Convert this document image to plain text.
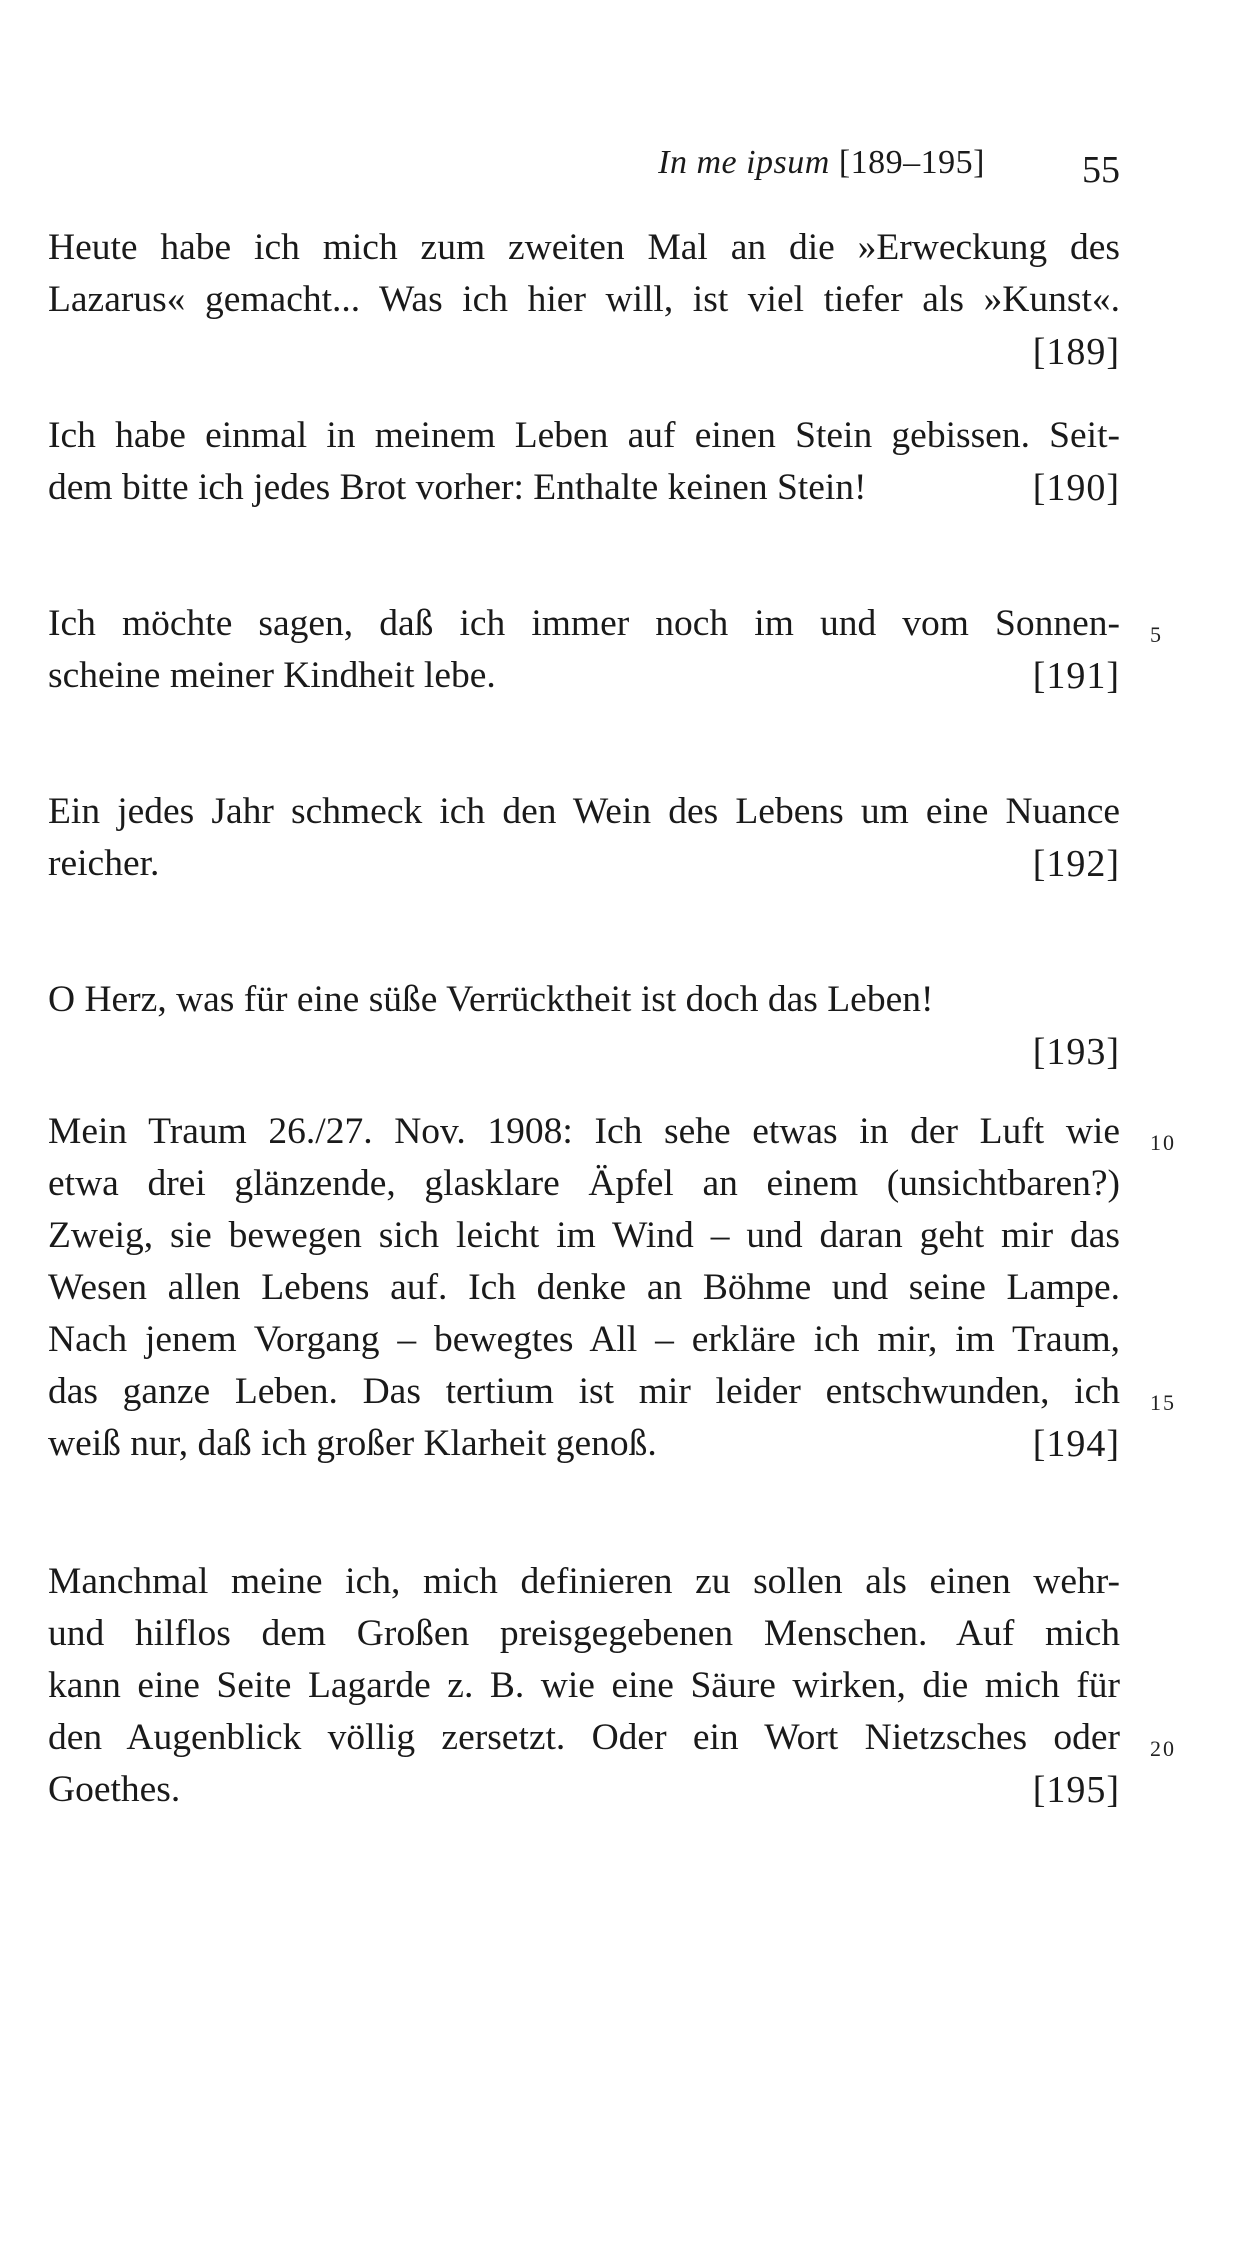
In me ipsum [189–195]	55
Heute habe ich mich zum zweiten Mal an die »Erweckung des
Lazarus« gemacht... Was ich hier will, ist viel tiefer als »Kunst«.
[189]
Ich habe einmal in meinem Leben auf einen Stein gebissen. Seit-
dem bitte ich jedes Brot vorher: Enthalte keinen Stein!	[190]
Ich möchte sagen, daß ich immer noch im und vom Sonnen-
scheine meiner Kindheit lebe.	[191]
Ein jedes Jahr schmeck ich den Wein des Lebens um eine Nuance
reicher.	[192]
O Herz, was für eine süße Verrücktheit ist doch das Leben!
[193]
Mein Traum 26./27. Nov. 1908: Ich sehe etwas in der Luft wie
etwa drei glänzende, glasklare Äpfel an einem (unsichtbaren?)
Zweig, sie bewegen sich leicht im Wind – und daran geht mir das
Wesen allen Lebens auf. Ich denke an Böhme und seine Lampe.
Nach jenem Vorgang – bewegtes All – erkläre ich mir, im Traum,
das ganze Leben. Das tertium ist mir leider entschwunden, ich
weiß nur, daß ich großer Klarheit genoß.	[194]
Manchmal meine ich, mich definieren zu sollen als einen wehr-
und hilflos dem Großen preisgegebenen Menschen. Auf mich
kann eine Seite Lagarde z. B. wie eine Säure wirken, die mich für
den Augenblick völlig zersetzt. Oder ein Wort Nietzsches oder
Goethes.	[195]
5
10
15
20
